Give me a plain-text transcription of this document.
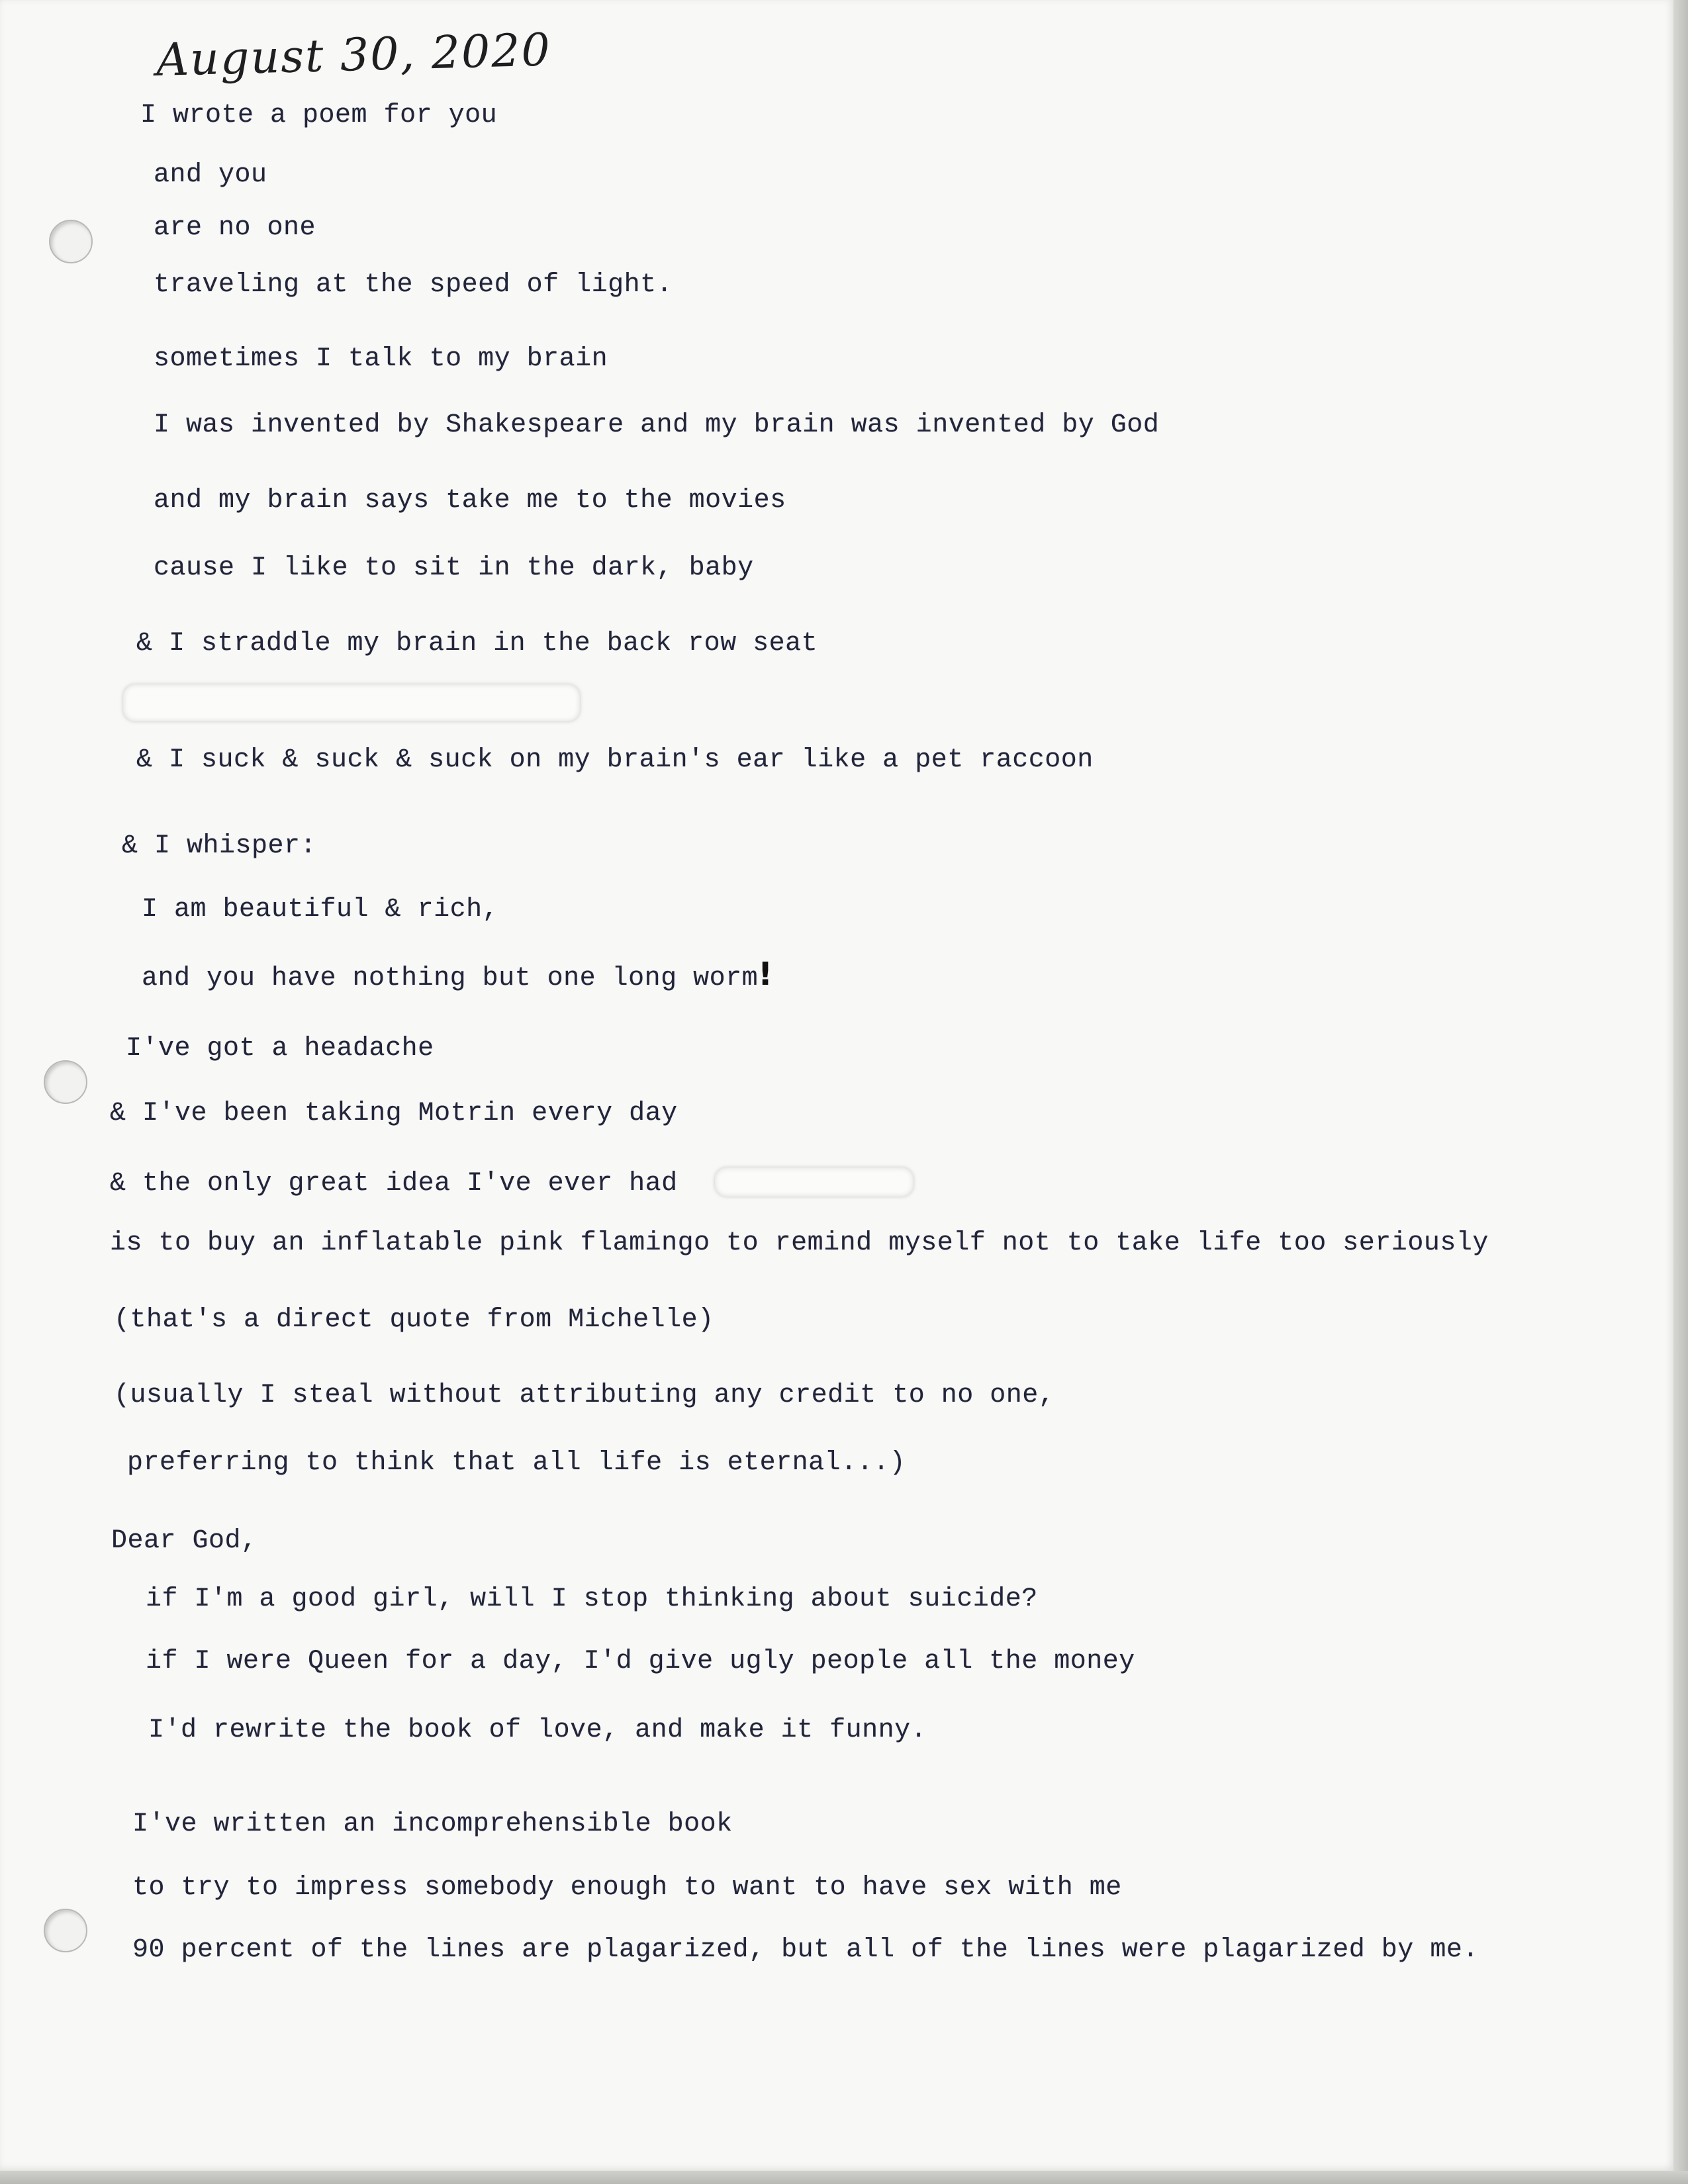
August 30, 2020
I wrote a poem for you
and you
are no one
traveling at the speed of light.
sometimes I talk to my brain
I was invented by Shakespeare and my brain was invented by God
and my brain says take me to the movies
cause I like to sit in the dark, baby
& I straddle my brain in the back row seat
& I suck & suck & suck on my brain's ear like a pet raccoon
& I whisper:
I am beautiful & rich,
and you have nothing but one long worm!
I've got a headache
& I've been taking Motrin every day
& the only great idea I've ever had
is to buy an inflatable pink flamingo to remind myself not to take life too seriously
(that's a direct quote from Michelle)
(usually I steal without attributing any credit to no one,
preferring to think that all life is eternal...)
Dear God,
if I'm a good girl, will I stop thinking about suicide?
if I were Queen for a day, I'd give ugly people all the money
I'd rewrite the book of love, and make it funny.
I've written an incomprehensible book
to try to impress somebody enough to want to have sex with me
90 percent of the lines are plagarized, but all of the lines were plagarized by me.
